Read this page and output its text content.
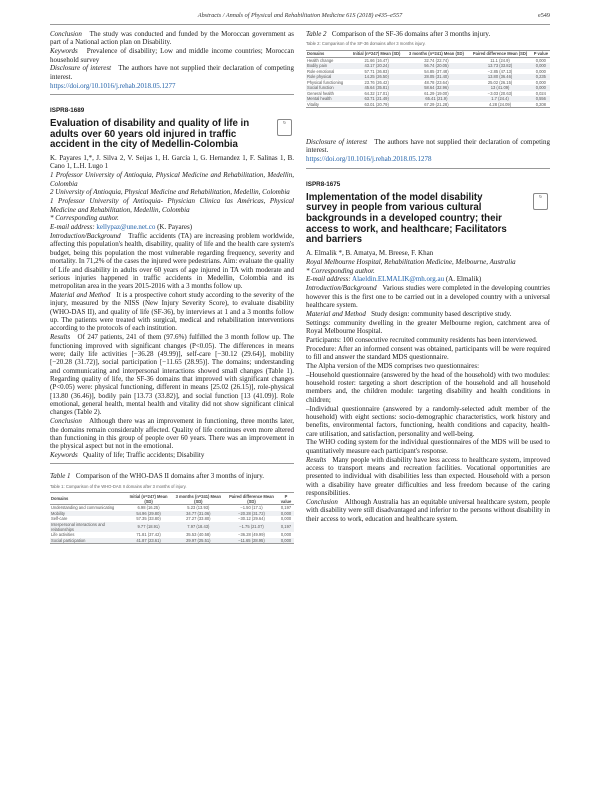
Abstracts / Annals of Physical and Rehabilitation Medicine 61S (2018) e435–e557	e549

Conclusion The study was conducted and funded by the Moroccan government as part of a National action plan on Disability.

Keywords Prevalence of disability; Low and middle income countries; Moroccan household survey

Disclosure of interest The authors have not supplied their declaration of competing interest.

https://doi.org/10.1016/j.rehab.2018.05.1277

ISPR8-1689
Evaluation of disability and quality of life in adults over 60 years old injured in traffic accident in the city of Medellin-Colombia
↻

K. Payares 1,*, J. Silva 2, V. Seijas 1, H. García 1, G. Hernandez 1, F. Salinas 1, B. Cano 1, L.H. Lugo 1

1 Professor University of Antioquia, Physical Medicine and Rehabilitation, Medellin, Colombia

2 University of Antioquia, Physical Medicine and Rehabilitation, Medellin, Colombia

1 Professor University of Antioquia- Physician Clinica las Américas, Physical Medicine and Rehabilitation, Medellin, Colombia

* Corresponding author.

E-mail address: kellypaz@une.net.co (K. Payares)

Introduction/Background Traffic accidents (TA) are increasing problem worldwide, affecting this population's health, disability, quality of life and the health care system's budget, being this population the most vulnerable regarding frequency, severity and mortality. In 71,2% of the cases the injured were pedestrians. Aim: evaluate the quality of Life and disability in adults over 60 years of age injured in TA with moderate and serious injuries happened in traffic accidents in Medellin, Colombia and its metropolitan area in the years 2015-2016 with a 3 months follow up.

Material and Method It is a prospective cohort study according to the severity of the injury, measured by the NISS (New Injury Severity Score), to evaluate disability (WHO-DAS II), and quality of life (SF-36), by interviews at 1 and a 3 months follow up. The patients were treated with surgical, medical and rehabilitation interventions according to the protocols of each institution.

Results Of 247 patients, 241 of them (97.6%) fulfilled the 3 month follow up. The functioning improved with significant changes (P<0.05). The differences in means were; daily life activities [−36.28 (49.99)], self-care [−30.12 (29.64)], mobility [−20.28 (31.72)], social participation [−11.65 (28.95)]. The domains; understanding and communicating and interpersonal interactions showed small changes (Table 1). Regarding quality of life, the SF-36 domains that improved with significant changes (P<0.05) were: physical functioning, different in means [25.02 (26.15)], role-physical [13.80 (36.46)], bodily pain [13.73 (33.82)], and social function [13 (41.09)]. Role emotional, general health, mental health and vitality did not show significant clinical changes (Table 2).

Conclusion Although there was an improvement in functioning, three months later, the domains remain considerably affected. Quality of life continues even more altered than functioning in this group of people over 60 years. There was an improvement in the physical aspect but not in the emotional.

Keywords Quality of life; Traffic accidents; Disability

Table 1 Comparison of the WHO-DAS II domains after 3 months of injury.
Table 1: Comparison of the WHO-DAS II domains after 3 months of injury.
Domains	Initial (n=247) Mean (SD)	3 months (n=241) Mean (SD)	Paired difference Mean (SD)	P value
Understanding and communicating	6.98 (16.25)	5.23 (13.93)	−1.50 (17.1)	0,197
Mobility	54.96 (29.80)	34.77 (31.06)	−20.28 (31.72)	0,000
Self-care	57.35 (33.80)	27.27 (33.80)	−30.12 (29.64)	0,000
Interpersonal interactions and relationships	9.77 (18.91)	7.97 (18.43)	−1.75 (21.07)	0,197
Life activities	71.81 (37.42)	35.53 (40.58)	−36.28 (49.99)	0,000
Social participation	41.87 (23.61)	29.97 (25.51)	−11.65 (28.95)	0,000
Table 2 Comparison of the SF-36 domains after 3 months injury.
Table 2: Comparison of the SF-36 domains after 3 months injury.
Domains	Initial (n=247) Mean (SD)	3 months (n=241) Mean (SD)	Paired difference Mean (SD)	P value
Health change	21.66 (16.47)	32.74 (22.74)	11.1 (24.9)	0,000
Bodily pain	43.17 (20.24)	56.74 (20.05)	13.73 (33.82)	0,000
Role emotional	57.71 (36.83)	54.85 (37.48)	−2.85 (47.13)	0,000
Role physical	14.25 (26.50)	28.05 (31.40)	13.80 (36.46)	0,235
Physical functioning	23.76 (26.42)	48.78 (23.64)	25.02 (26.15)	0,000
Social function	45.64 (35.81)	58.64 (32.96)	13 (41.09)	0,000
General health	64.32 (17.01)	61.29 (19.00)	−3.03 (20.63)	0,024
Mental health	63.71 (21.49)	65.41 (21.9)	1.7 (24.4)	0,556
Vitality	63.01 (20.79)	67.29 (21.28)	4.28 (24.09)	0,208

Disclosure of interest The authors have not supplied their declaration of competing interest.

https://doi.org/10.1016/j.rehab.2018.05.1278

ISPR8-1675
Implementation of the model disability survey in people from various cultural backgrounds in a developed country; their access to work, and healthcare; Facilitators and barriers
↻

A. Elmalik *, B. Amatya, M. Breese, F. Khan

Royal Melbourne Hospital, Rehabilitation Medicine, Melbourne, Australia

* Corresponding author.

E-mail address: Alaeldin.ELMALIK@mh.org.au (A. Elmalik)

Introduction/Background Various studies were completed in the developing countries however this is the first one to be carried out in a developed country with a universal healthcare system.

Material and Method Study design: community based descriptive study.

Settings: community dwelling in the greater Melbourne region, catchment area of Royal Melbourne Hospital.

Participants: 100 consecutive recruited community residents has been interviewed.

Procedure: After an informed consent was obtained, participants will be were required to fill and answer the standard MDS questionnaire.

The Alpha version of the MDS comprises two questionnaires:

–Household questionnaire (answered by the head of the household) with two modules: household roster: targeting a short description of the household and all household members and, the children module: targeting disability and health conditions in children;

–Individual questionnaire (answered by a randomly-selected adult member of the household) with eight sections: socio-demographic characteristics, work history and benefits, environmental factors, functioning, health conditions and capacity, health-care utilisation, and satisfaction, personality and well-being.

The WHO coding system for the individual questionnaires of the MDS will be used to quantitatively measure each participant's response.

Results Many people with disability have less access to healthcare system, improved access to transport means and recreation facilities. Vocational opportunities are presented to individual with disabilities less than expected. Household with a person with a disability have greater difficulties and less freedom because of the caring responsibilities.

Conclusion Although Australia has an equitable universal healthcare system, people with disability were still disadvantaged and inferior to the persons without disability in their access to work, education and healthcare system.
